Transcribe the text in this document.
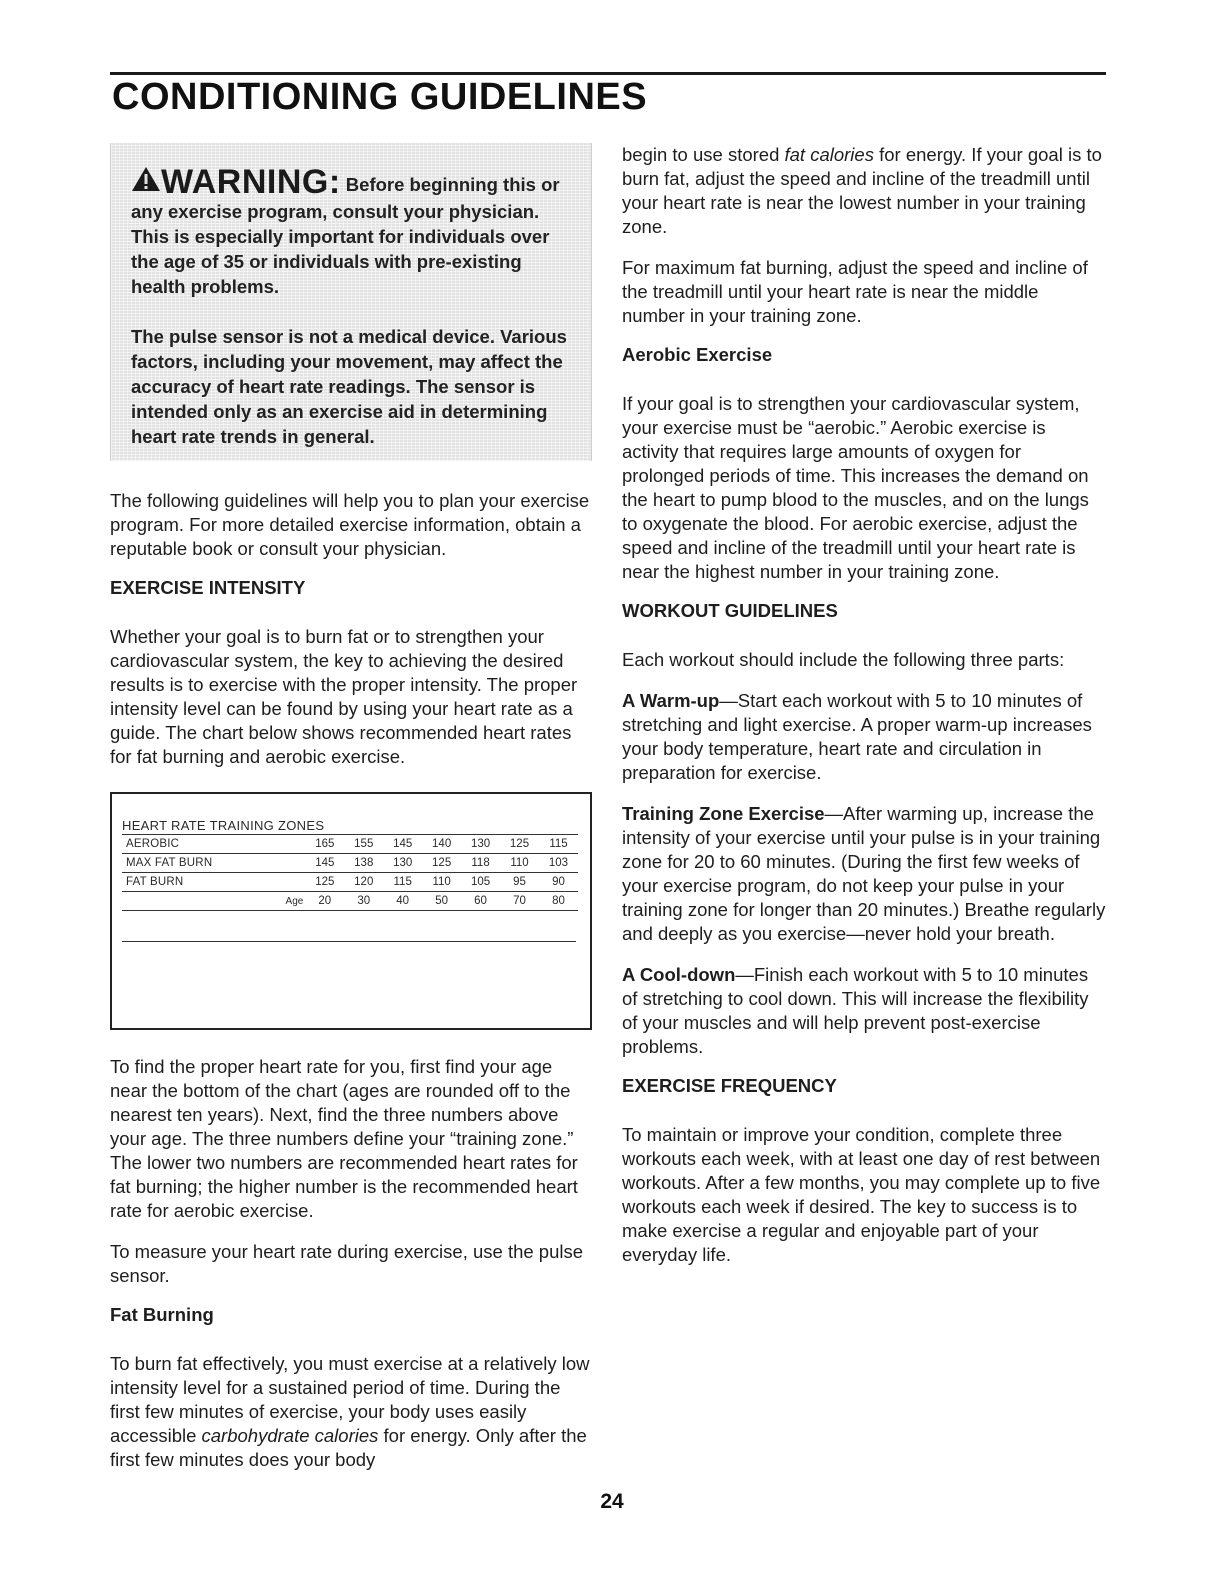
CONDITIONING GUIDELINES
WARNING: Before beginning this or any exercise program, consult your physician. This is especially important for individuals over the age of 35 or individuals with pre-existing health problems.

The pulse sensor is not a medical device. Various factors, including your movement, may affect the accuracy of heart rate readings. The sensor is intended only as an exercise aid in determining heart rate trends in general.

The following guidelines will help you to plan your exercise program. For more detailed exercise information, obtain a reputable book or consult your physician.

EXERCISE INTENSITY

Whether your goal is to burn fat or to strengthen your cardiovascular system, the key to achieving the desired results is to exercise with the proper intensity. The proper intensity level can be found by using your heart rate as a guide. The chart below shows recommended heart rates for fat burning and aerobic exercise.

HEART RATE TRAINING ZONES
AEROBIC	165	155	145	140	130	125	115
MAX FAT BURN	145	138	130	125	118	110	103
FAT BURN	125	120	115	110	105	95	90
Age	20	30	40	50	60	70	80

To find the proper heart rate for you, first find your age near the bottom of the chart (ages are rounded off to the nearest ten years). Next, find the three numbers above your age. The three numbers define your “training zone.” The lower two numbers are recommended heart rates for fat burning; the higher number is the recommended heart rate for aerobic exercise.

To measure your heart rate during exercise, use the pulse sensor.

Fat Burning

To burn fat effectively, you must exercise at a relatively low intensity level for a sustained period of time. During the first few minutes of exercise, your body uses easily accessible carbohydrate calories for energy. Only after the first few minutes does your body

begin to use stored fat calories for energy. If your goal is to burn fat, adjust the speed and incline of the treadmill until your heart rate is near the lowest number in your training zone.

For maximum fat burning, adjust the speed and incline of the treadmill until your heart rate is near the middle number in your training zone.

Aerobic Exercise

If your goal is to strengthen your cardiovascular system, your exercise must be “aerobic.” Aerobic exercise is activity that requires large amounts of oxygen for prolonged periods of time. This increases the demand on the heart to pump blood to the muscles, and on the lungs to oxygenate the blood. For aerobic exercise, adjust the speed and incline of the treadmill until your heart rate is near the highest number in your training zone.

WORKOUT GUIDELINES

Each workout should include the following three parts:

A Warm-up—Start each workout with 5 to 10 minutes of stretching and light exercise. A proper warm-up increases your body temperature, heart rate and circulation in preparation for exercise.

Training Zone Exercise—After warming up, increase the intensity of your exercise until your pulse is in your training zone for 20 to 60 minutes. (During the first few weeks of your exercise program, do not keep your pulse in your training zone for longer than 20 minutes.) Breathe regularly and deeply as you exercise—never hold your breath.

A Cool-down—Finish each workout with 5 to 10 minutes of stretching to cool down. This will increase the flexibility of your muscles and will help prevent post-exercise problems.

EXERCISE FREQUENCY

To maintain or improve your condition, complete three workouts each week, with at least one day of rest between workouts. After a few months, you may complete up to five workouts each week if desired. The key to success is to make exercise a regular and enjoyable part of your everyday life.

24
